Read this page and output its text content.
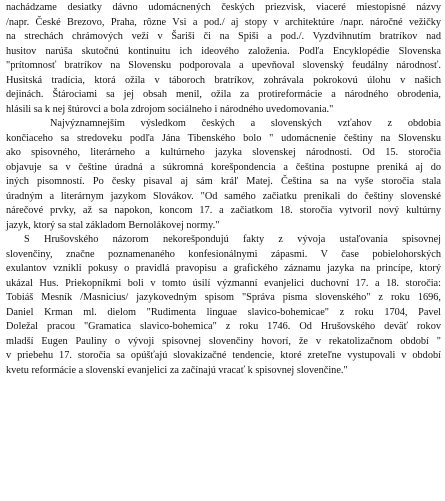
nachádzame desiatky dávno udomácnených českých priezvisk, viaceré miestopisné názvy
/napr. České Brezovo, Praha, rôzne Vsi a pod./ aj stopy v architektúre /napr. náročné vežičky
na strechách chrámových veží v Šariši či na Spiši a pod./. Vyzdvihnutím bratríkov nad
husitov narúša skutočnú kontinuitu ich ideového založenia. Podľa Encyklopédie Slovenska
"prítomnosť bratríkov na Slovensku podporovala a upevňoval slovenský feudálny národnosť.
Husitská tradícia, ktorá ožila v táboroch bratríkov, zohrávala pokrokovú úlohu v našich
dejinách. Štárociami sa jej obsah menil, ožila za protireformácie a národného obrodenia,
hlásili sa k nej štúrovci a bola zdrojom sociálneho i národného uvedomovania."

Najvýznamnejším výsledkom českých a slovenských vzťahov z obdobia
končiaceho sa stredoveku podľa Jána Tibenského bolo " udomácnenie češtiny na Slovensku
ako spisovného, literárneho a kultúrneho jazyka slovenskej národnosti. Od 15. storočia
objavuje sa v češtine úradná a súkromná korešpondencia a čeština postupne preniká aj do
iných pisomností. Po česky pisaval aj sám kráľ Matej. Čeština sa na vyše storočia stala
úradným a literárnym jazykom Slovákov. "Od samého začiatku prenikali do češtiny slovenské
nárečové prvky, až sa napokon, koncom 17. a začiatkom 18. storočia vytvoril nový kultúrny
jazyk, ktorý sa stal základom Bernolákovej normy."

S Hrušovského názorom nekorešpondujú fakty z vývoja ustaľovania spisovnej
slovenčiny, značne poznamenaného konfesionálnymi zápasmi. V čase pobielohorských
exulantov vznikli pokusy o pravidlá pravopisu a grafického záznamu jazyka na princípe, ktorý
ukázal Hus. Priekopníkmi boli v tomto úsilí výzmanní evanjelici duchovní 17. a 18. storočia:
Tobiáš Mesník /Masnicius/ jazykovedným spisom "Správa pisma slovenského" z roku 1696,
Daniel Krman ml. dielom "Rudimenta linguae slavico-bohemicae" z roku 1704, Pavel
Doležal pracou "Gramatica slavico-bohemica" z roku 1746. Od Hrušovského deväť rokov
mladší Eugen Pauliny o vývoji spisovnej slovenčiny hovorí, že v rekatolizačnom období "
v priebehu 17. storočia sa opúšťajú slovakizačné tendencie, ktoré zreteľne vystupovali v období
kvetu reformácie a slovenskí evanjelici za začínajú vracať k spisovnej slovenčine."
